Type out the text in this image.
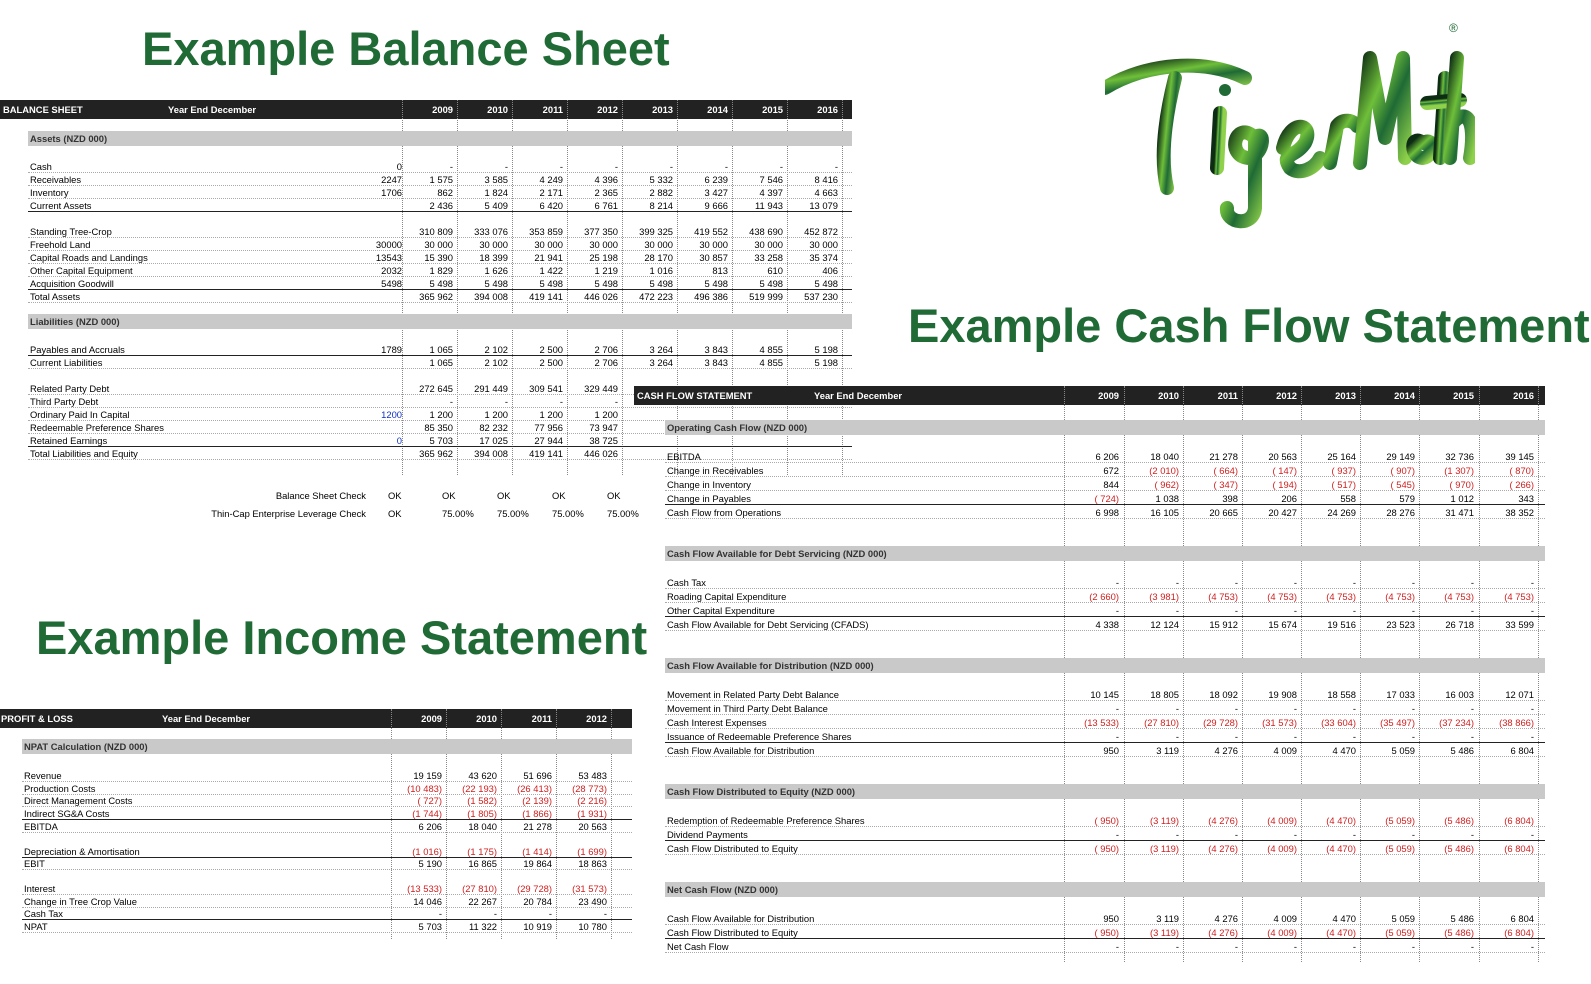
Example Balance Sheet
Example Cash Flow Statement
Example Income Statement
®
BALANCE SHEET	Year End December	2009	2010	2011	2012	2013	2014	2015	2016
Assets (NZD 000)
Cash	0	-	-	-	-	-	-	-	-
Receivables	2247	1 575	3 585	4 249	4 396	5 332	6 239	7 546	8 416
Inventory	1706	862	1 824	2 171	2 365	2 882	3 427	4 397	4 663
Current Assets	2 436	5 409	6 420	6 761	8 214	9 666	11 943	13 079
Standing Tree-Crop	310 809	333 076	353 859	377 350	399 325	419 552	438 690	452 872
Freehold Land	30000	30 000	30 000	30 000	30 000	30 000	30 000	30 000	30 000
Capital Roads and Landings	13543	15 390	18 399	21 941	25 198	28 170	30 857	33 258	35 374
Other Capital Equipment	2032	1 829	1 626	1 422	1 219	1 016	813	610	406
Acquisition Goodwill	5498	5 498	5 498	5 498	5 498	5 498	5 498	5 498	5 498
Total Assets	365 962	394 008	419 141	446 026	472 223	496 386	519 999	537 230
Liabilities (NZD 000)
Payables and Accruals	1789	1 065	2 102	2 500	2 706	3 264	3 843	4 855	5 198
Current Liabilities	1 065	2 102	2 500	2 706	3 264	3 843	4 855	5 198
Related Party Debt	272 645	291 449	309 541	329 449
Third Party Debt	-	-	-	-
Ordinary Paid In Capital	1200	1 200	1 200	1 200	1 200
Redeemable Preference Shares	85 350	82 232	77 956	73 947
Retained Earnings	0	5 703	17 025	27 944	38 725
Total Liabilities and Equity	365 962	394 008	419 141	446 026
Balance Sheet Check OK	OK	OK	OK	OK
Thin-Cap Enterprise Leverage Check OK	75.00% 75.00% 75.00% 75.00%
CASH FLOW STATEMENT	Year End December	2009	2010	2011	2012	2013	2014	2015	2016
Operating Cash Flow (NZD 000)
EBITDA	6 206	18 040	21 278	20 563	25 164	29 149	32 736	39 145
Change in Receivables	672	(2 010)	( 664)	( 147)	( 937)	( 907)	(1 307)	( 870)
Change in Inventory	844	( 962)	( 347)	( 194)	( 517)	( 545)	( 970)	( 266)
Change in Payables	( 724)	1 038	398	206	558	579	1 012	343
Cash Flow from Operations	6 998	16 105	20 665	20 427	24 269	28 276	31 471	38 352
Cash Flow Available for Debt Servicing (NZD 000)
Cash Tax	-	-	-	-	-	-	-	-
Roading Capital Expenditure	(2 660)	(3 981)	(4 753)	(4 753)	(4 753)	(4 753)	(4 753)	(4 753)
Other Capital Expenditure	-	-	-	-	-	-	-	-
Cash Flow Available for Debt Servicing (CFADS)	4 338	12 124	15 912	15 674	19 516	23 523	26 718	33 599
Cash Flow Available for Distribution (NZD 000)
Movement in Related Party Debt Balance	10 145	18 805	18 092	19 908	18 558	17 033	16 003	12 071
Movement in Third Party Debt Balance	-	-	-	-	-	-	-	-
Cash Interest Expenses	(13 533)	(27 810)	(29 728)	(31 573)	(33 604)	(35 497)	(37 234)	(38 866)
Issuance of Redeemable Preference Shares	-	-	-	-	-	-	-	-
Cash Flow Available for Distribution	950	3 119	4 276	4 009	4 470	5 059	5 486	6 804
Cash Flow Distributed to Equity (NZD 000)
Redemption of Redeemable Preference Shares	( 950)	(3 119)	(4 276)	(4 009)	(4 470)	(5 059)	(5 486)	(6 804)
Dividend Payments	-	-	-	-	-	-	-	-
Cash Flow Distributed to Equity	( 950)	(3 119)	(4 276)	(4 009)	(4 470)	(5 059)	(5 486)	(6 804)
Net Cash Flow (NZD 000)
Cash Flow Available for Distribution	950	3 119	4 276	4 009	4 470	5 059	5 486	6 804
Cash Flow Distributed to Equity	( 950)	(3 119)	(4 276)	(4 009)	(4 470)	(5 059)	(5 486)	(6 804)
Net Cash Flow	-	-	-	-	-	-	-	-
PROFIT & LOSS	Year End December	2009	2010	2011	2012
NPAT Calculation (NZD 000)
Revenue	19 159	43 620	51 696	53 483
Production Costs	(10 483)	(22 193)	(26 413)	(28 773)
Direct Management Costs	( 727)	(1 582)	(2 139)	(2 216)
Indirect SG&A Costs	(1 744)	(1 805)	(1 866)	(1 931)
EBITDA	6 206	18 040	21 278	20 563
Depreciation & Amortisation	(1 016)	(1 175)	(1 414)	(1 699)
EBIT	5 190	16 865	19 864	18 863
Interest	(13 533)	(27 810)	(29 728)	(31 573)
Change in Tree Crop Value	14 046	22 267	20 784	23 490
Cash Tax	-	-	-	-
NPAT	5 703	11 322	10 919	10 780
